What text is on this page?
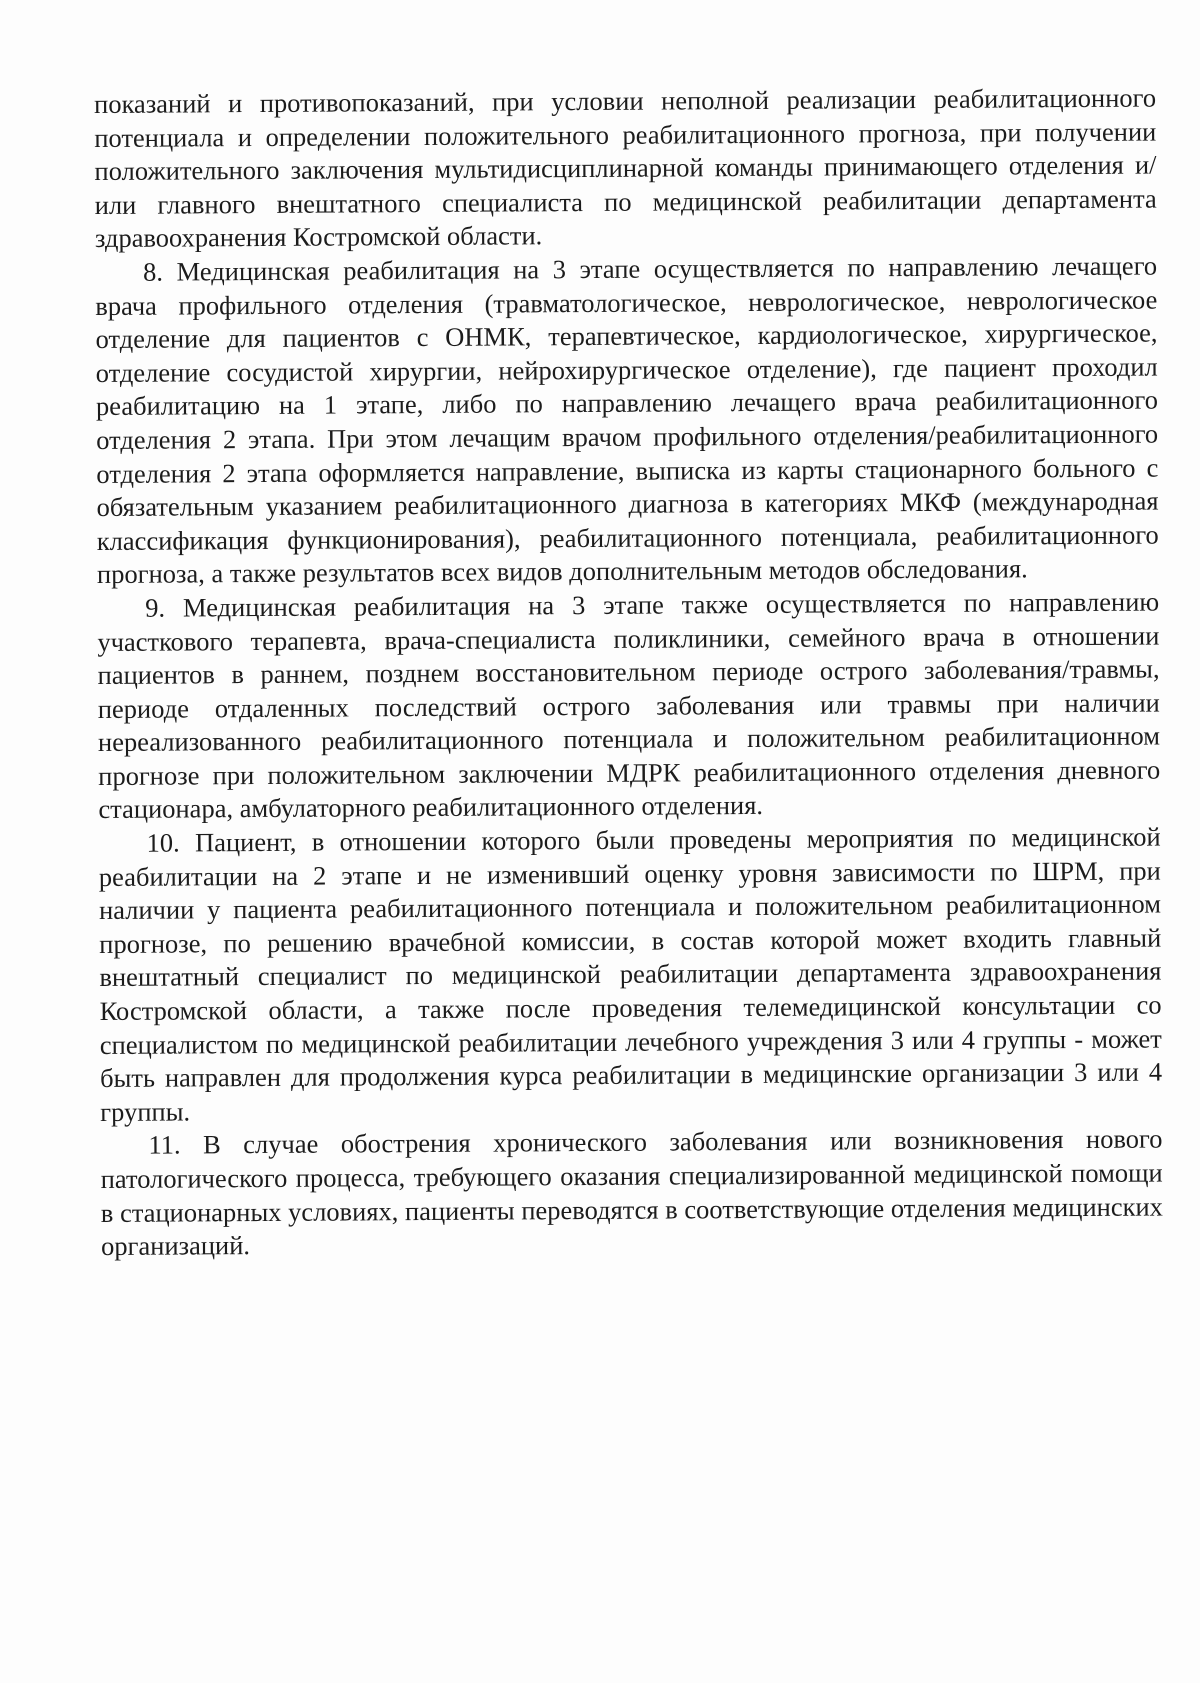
показаний и противопоказаний, при условии неполной реализации реабилитационного потенциала и определении положительного реабилитационного прогноза, при получении положительного заключения мультидисциплинарной команды принимающего отделения и/или главного внештатного специалиста по медицинской реабилитации департамента здравоохранения Костромской области.

8. Медицинская реабилитация на 3 этапе осуществляется по направлению лечащего врача профильного отделения (травматологическое, неврологическое, неврологическое отделение для пациентов с ОНМК, терапевтическое, кардиологическое, хирургическое, отделение сосудистой хирургии, нейрохирургическое отделение), где пациент проходил реабилитацию на 1 этапе, либо по направлению лечащего врача реабилитационного отделения 2 этапа. При этом лечащим врачом профильного отделения/реабилитационного отделения 2 этапа оформляется направление, выписка из карты стационарного больного с обязательным указанием реабилитационного диагноза в категориях МКФ (международная классификация функционирования), реабилитационного потенциала, реабилитационного прогноза, а также результатов всех видов дополнительным методов обследования.

9. Медицинская реабилитация на 3 этапе также осуществляется по направлению участкового терапевта, врача-специалиста поликлиники, семейного врача в отношении пациентов в раннем, позднем восстановительном периоде острого заболевания/травмы, периоде отдаленных последствий острого заболевания или травмы при наличии нереализованного реабилитационного потенциала и положительном реабилитационном прогнозе при положительном заключении МДРК реабилитационного отделения дневного стационара, амбулаторного реабилитационного отделения.

10. Пациент, в отношении которого были проведены мероприятия по медицинской реабилитации на 2 этапе и не изменивший оценку уровня зависимости по ШРМ, при наличии у пациента реабилитационного потенциала и положительном реабилитационном прогнозе, по решению врачебной комиссии, в состав которой может входить главный внештатный специалист по медицинской реабилитации департамента здравоохранения Костромской области, а также после проведения телемедицинской консультации со специалистом по медицинской реабилитации лечебного учреждения 3 или 4 группы - может быть направлен для продолжения курса реабилитации в медицинские организации 3 или 4 группы.

11. В случае обострения хронического заболевания или возникновения нового патологического процесса, требующего оказания специализированной медицинской помощи в стационарных условиях, пациенты переводятся в соответствующие отделения медицинских организаций.
